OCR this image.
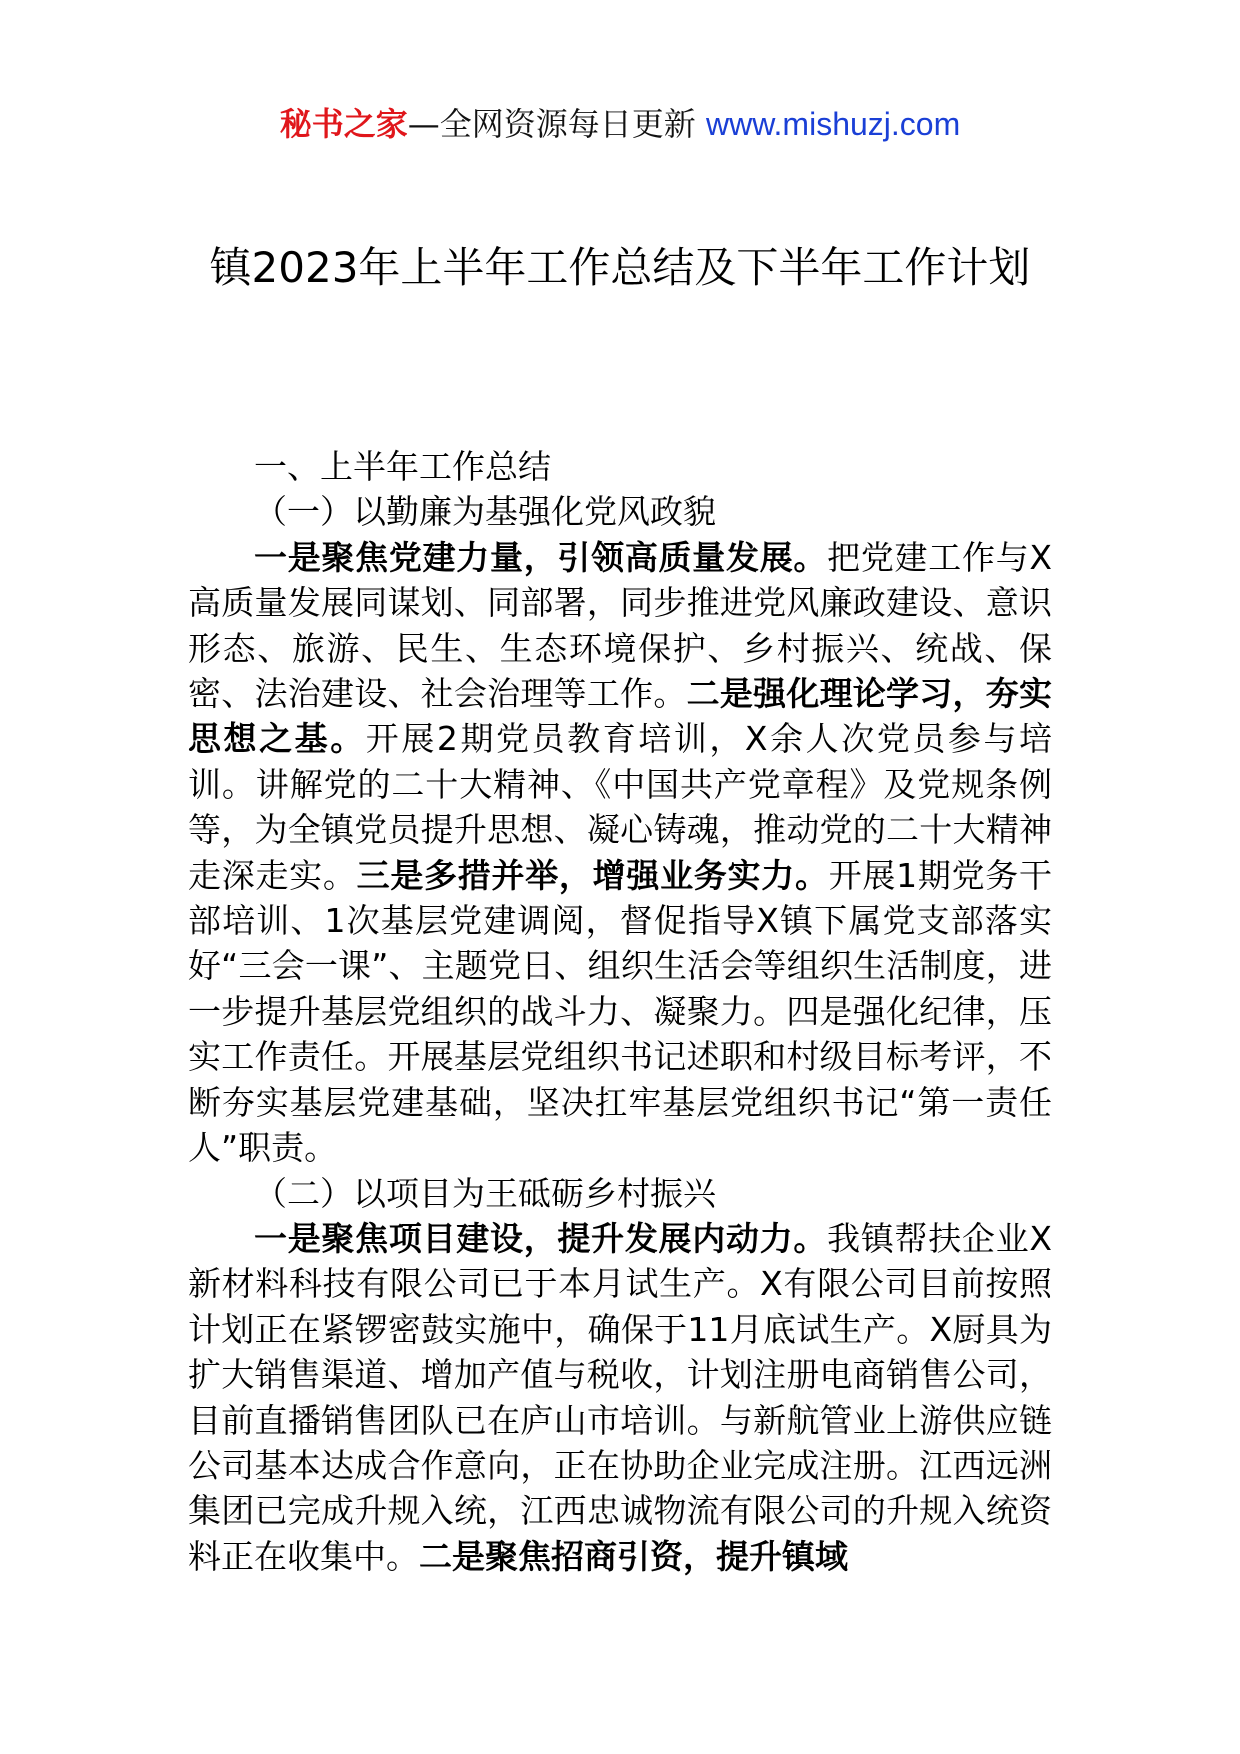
秘书之家—全网资源每日更新 www.mishuzj.com
镇2023年上半年工作总结及下半年工作计划

一、上半年工作总结

（一）以勤廉为基强化党风政貌

一是聚焦党建力量，引领高质量发展。把党建工作与X高质量发展同谋划、同部署，同步推进党风廉政建设、意识形态、旅游、民生、生态环境保护、乡村振兴、统战、保密、法治建设、社会治理等工作。二是强化理论学习，夯实思想之基。开展2期党员教育培训，X余人次党员参与培训。讲解党的二十大精神、《中国共产党章程》及党规条例等，为全镇党员提升思想、凝心铸魂，推动党的二十大精神走深走实。三是多措并举，增强业务实力。开展1期党务干部培训、1次基层党建调阅，督促指导X镇下属党支部落实好“三会一课”、主题党日、组织生活会等组织生活制度，进一步提升基层党组织的战斗力、凝聚力。四是强化纪律，压实工作责任。开展基层党组织书记述职和村级目标考评，不断夯实基层党建基础，坚决扛牢基层党组织书记“第一责任人”职责。

（二）以项目为王砥砺乡村振兴

一是聚焦项目建设，提升发展内动力。我镇帮扶企业X新材料科技有限公司已于本月试生产。X有限公司目前按照计划正在紧锣密鼓实施中，确保于11月底试生产。X厨具为扩大销售渠道、增加产值与税收，计划注册电商销售公司，目前直播销售团队已在庐山市培训。与新航管业上游供应链公司基本达成合作意向，正在协助企业完成注册。江西远洲集团已完成升规入统，江西忠诚物流有限公司的升规入统资料正在收集中。二是聚焦招商引资，提升镇域
